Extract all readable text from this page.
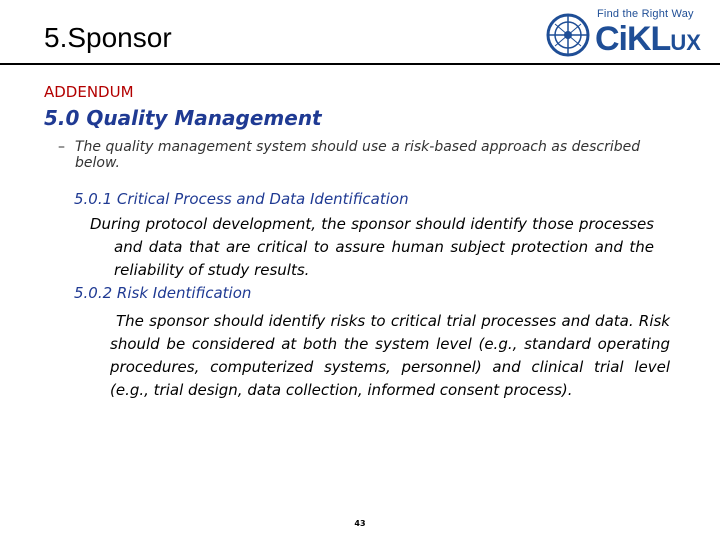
5.Sponsor
Find the Right Way
CiKLUX
ADDENDUM
5.0 Quality Management
– The quality management system should use a risk-based approach as described below.
5.0.1 Critical Process and Data Identification
During protocol development, the sponsor should identify those processes and data that are critical to assure human subject protection and the reliability of study results.
5.0.2 Risk Identification
The sponsor should identify risks to critical trial processes and data. Risk should be considered at both the system level (e.g., standard operating procedures, computerized systems, personnel) and clinical trial level (e.g., trial design, data collection, informed consent process).
43
